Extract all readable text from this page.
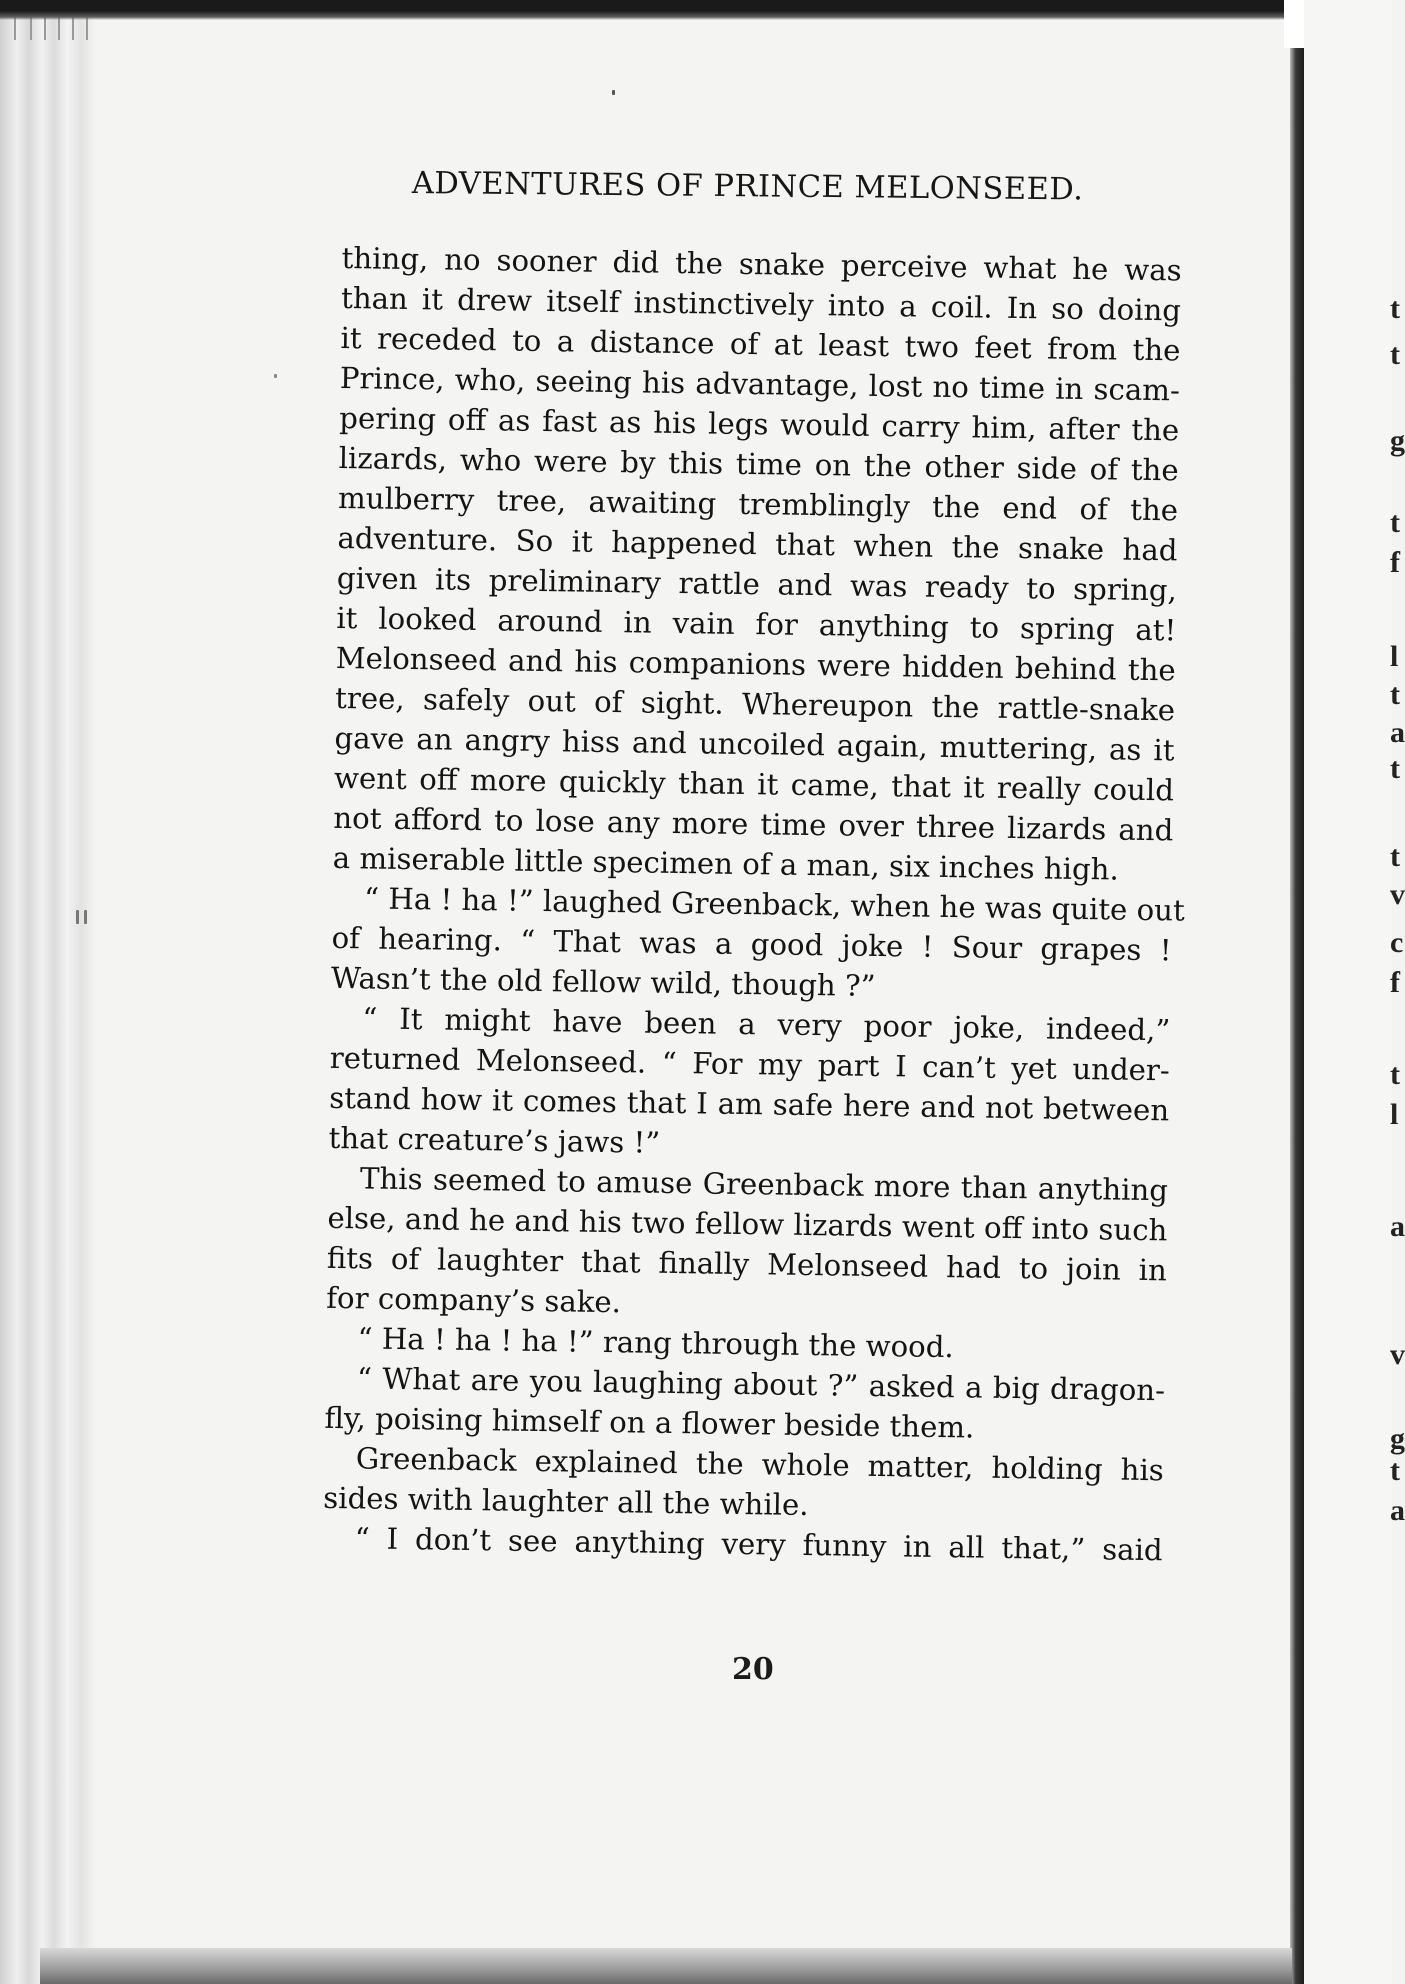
t
t
g
t
f
l
t
a
t
t
v
c
f
t
l
a
v
g
t
a
ADVENTURES OF PRINCE MELONSEED.
thing, no sooner did the snake perceive what he was
than it drew itself instinctively into a coil. In so doing
it receded to a distance of at least two feet from the
Prince, who, seeing his advantage, lost no time in scam-
pering off as fast as his legs would carry him, after the
lizards, who were by this time on the other side of the
mulberry tree, awaiting tremblingly the end of the
adventure. So it happened that when the snake had
given its preliminary rattle and was ready to spring,
it looked around in vain for anything to spring at!
Melonseed and his companions were hidden behind the
tree, safely out of sight. Whereupon the rattle-snake
gave an angry hiss and uncoiled again, muttering, as it
went off more quickly than it came, that it really could
not afford to lose any more time over three lizards and
a miserable little specimen of a man, six inches high.
“ Ha ! ha !” laughed Greenback, when he was quite out
of hearing. “ That was a good joke ! Sour grapes !
Wasn’t the old fellow wild, though ?”
“ It might have been a very poor joke, indeed,”
returned Melonseed. “ For my part I can’t yet under-
stand how it comes that I am safe here and not between
that creature’s jaws !”
This seemed to amuse Greenback more than anything
else, and he and his two fellow lizards went off into such
fits of laughter that finally Melonseed had to join in
for company’s sake.
“ Ha ! ha ! ha !” rang through the wood.
“ What are you laughing about ?” asked a big dragon-
fly, poising himself on a flower beside them.
Greenback explained the whole matter, holding his
sides with laughter all the while.
“ I don’t see anything very funny in all that,” said
20
